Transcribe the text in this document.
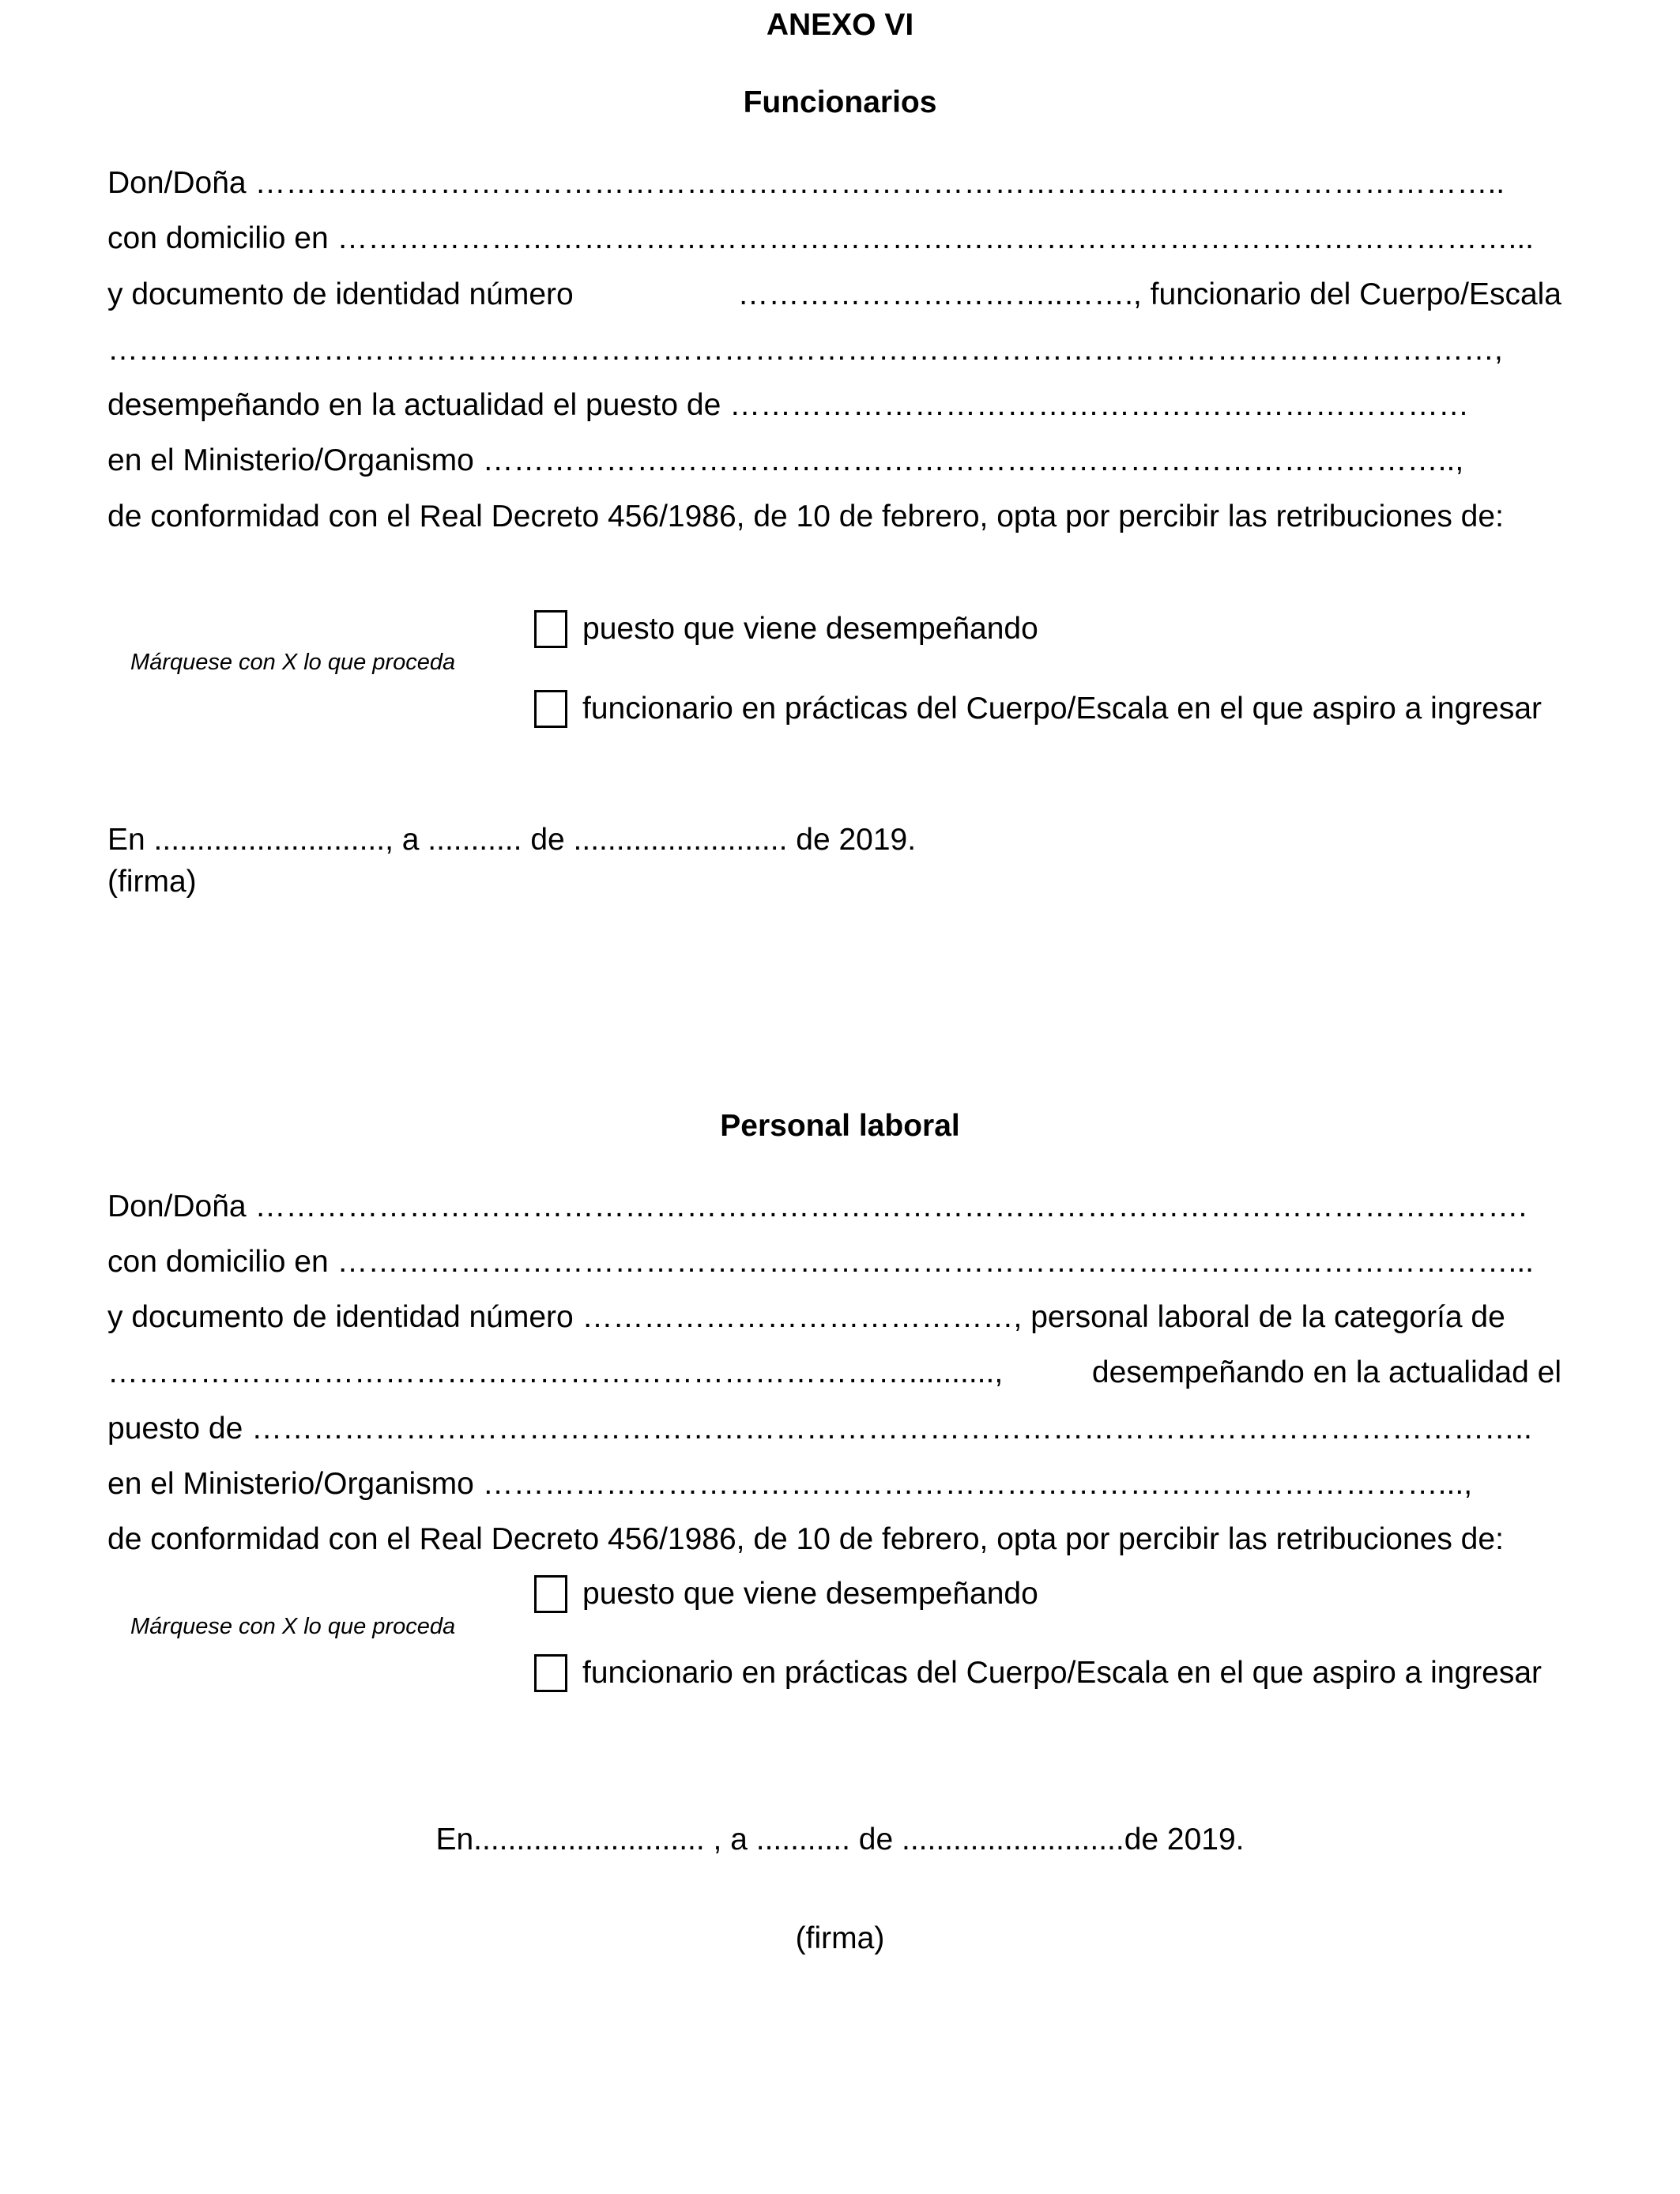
ANEXO VI
Funcionarios
Don/Doña …………………………………………………………………………………………………………..
con domicilio en ……………………………………………………………………………………………………...
y documento de identidad número	…………………………..……., funcionario del Cuerpo/Escala
………………………………………………………………………………………………………………………,
desempeñando en la actualidad el puesto de ………………………………………………………………
en el Ministerio/Organismo …………………………………………………………………………………..,
de conformidad con el Real Decreto 456/1986, de 10 de febrero, opta por percibir las retribuciones de:
Márquese con X lo que proceda
puesto que viene desempeñando
funcionario en prácticas del Cuerpo/Escala en el que aspiro a ingresar
En ..........................., a ........... de ......................... de 2019.
(firma)
Personal laboral
Don/Doña …………………………………………………………………………………………………………….
con domicilio en ……………………………………………………………………………………………………...
y documento de identidad número ……………………………………, personal laboral de la categoría de
……………………………………………………………………..........,	desempeñando en la actualidad el
puesto de ……………………………………………………………………………………………………………..
en el Ministerio/Organismo …………………………………………………………………………………...,
de conformidad con el Real Decreto 456/1986, de 10 de febrero, opta por percibir las retribuciones de:
Márquese con X lo que proceda
puesto que viene desempeñando
funcionario en prácticas del Cuerpo/Escala en el que aspiro a ingresar
En........................... , a ........... de ..........................de 2019.
(firma)
